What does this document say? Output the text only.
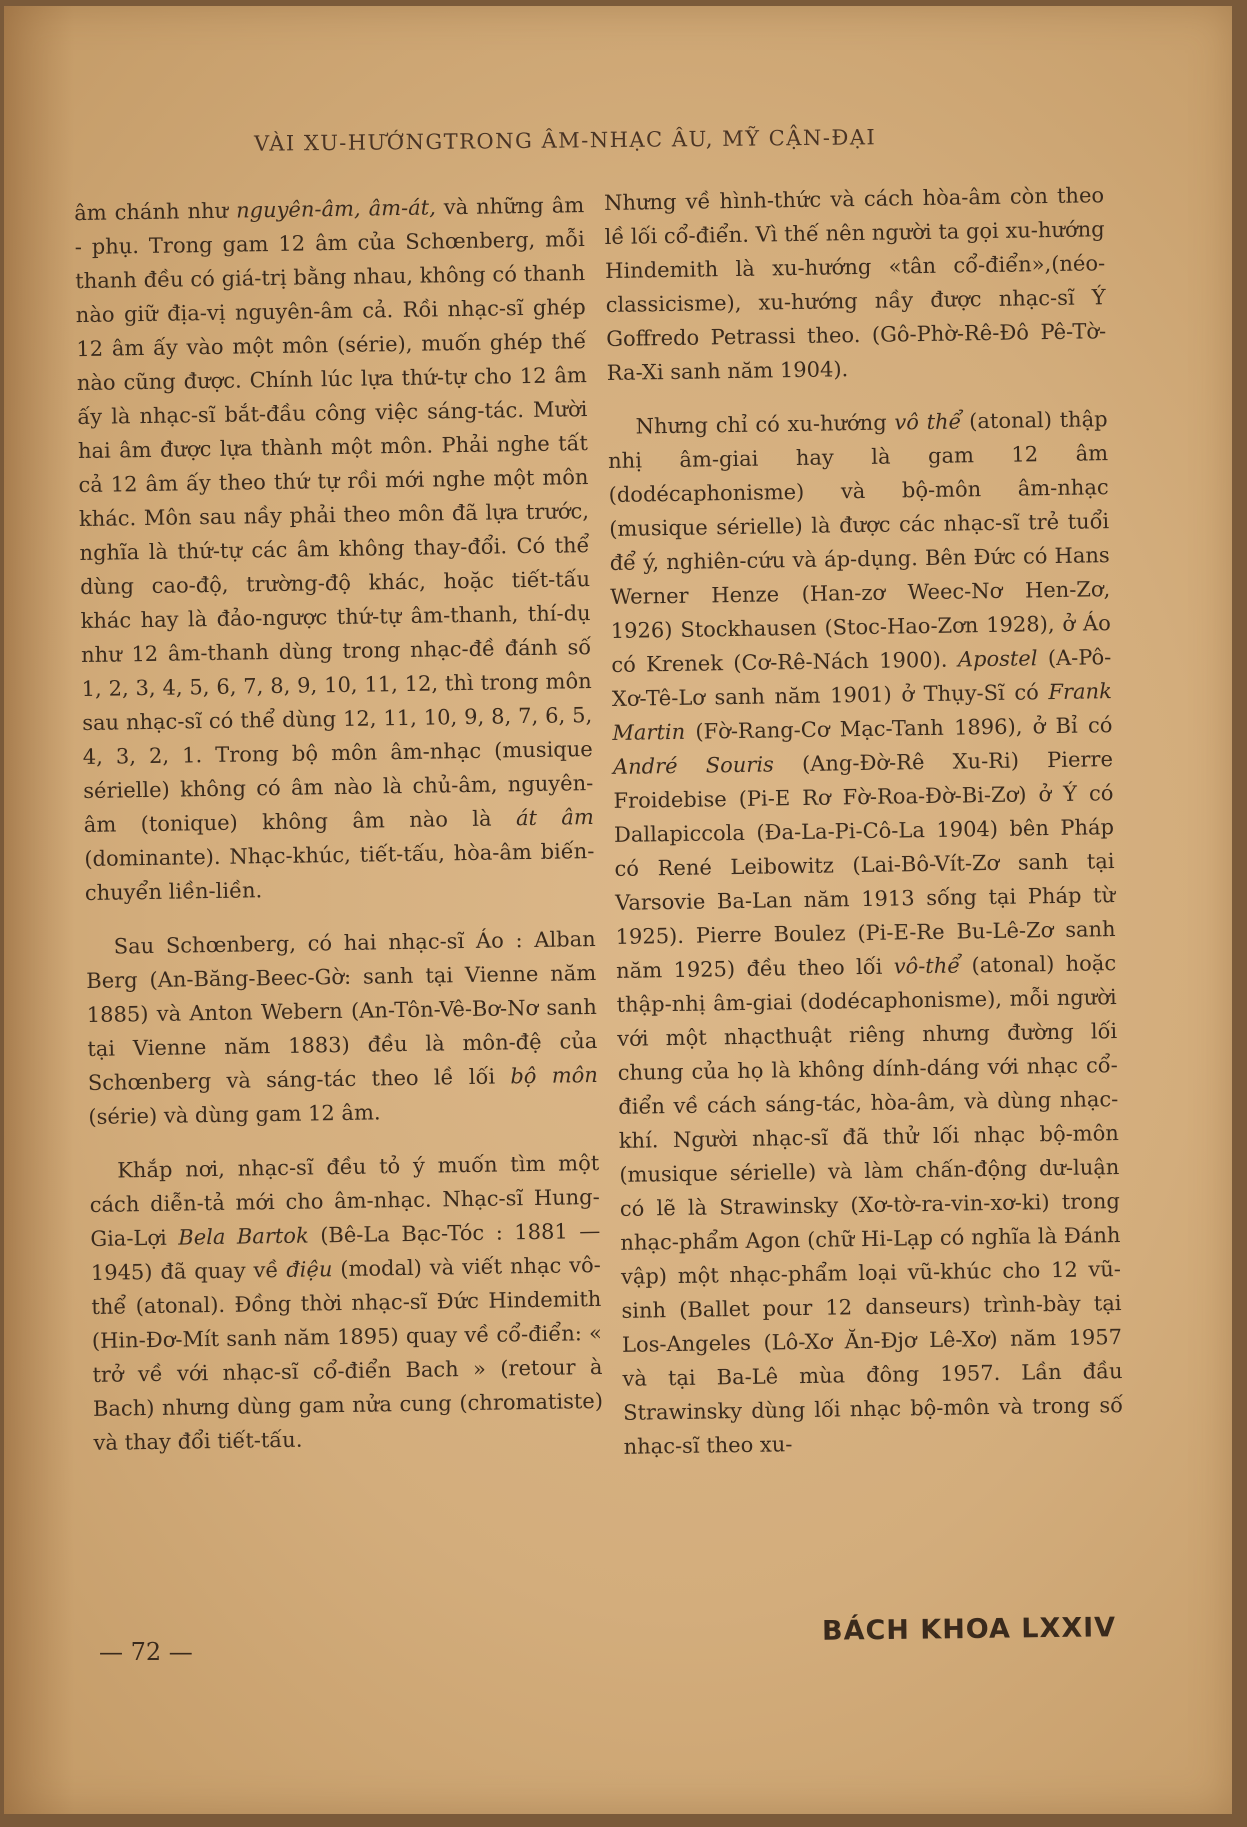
VÀI XU-HƯỚNGTRONG ÂM-NHẠC ÂU, MỸ CẬN-ĐẠI

âm chánh như nguyên-âm, âm-át, và những âm - phụ. Trong gam 12 âm của Schœnberg, mỗi thanh đều có giá-trị bằng nhau, không có thanh nào giữ địa-vị nguyên-âm cả. Rồi nhạc-sĩ ghép 12 âm ấy vào một môn (série), muốn ghép thế nào cũng được. Chính lúc lựa thứ-tự cho 12 âm ấy là nhạc-sĩ bắt-đầu công việc sáng-tác. Mười hai âm được lựa thành một môn. Phải nghe tất cả 12 âm ấy theo thứ tự rồi mới nghe một môn khác. Môn sau nầy phải theo môn đã lựa trước, nghĩa là thứ-tự các âm không thay-đổi. Có thể dùng cao-độ, trường-độ khác, hoặc tiết-tấu khác hay là đảo-ngược thứ-tự âm-thanh, thí-dụ như 12 âm-thanh dùng trong nhạc-đề đánh số 1, 2, 3, 4, 5, 6, 7, 8, 9, 10, 11, 12, thì trong môn sau nhạc-sĩ có thể dùng 12, 11, 10, 9, 8, 7, 6, 5, 4, 3, 2, 1. Trong bộ môn âm-nhạc (musique sérielle) không có âm nào là chủ-âm, nguyên-âm (tonique) không âm nào là át âm (dominante). Nhạc-khúc, tiết-tấu, hòa-âm biến-chuyển liền-liền.

Sau Schœnberg, có hai nhạc-sĩ Áo : Alban Berg (An-Băng-Beec-Gờ: sanh tại Vienne năm 1885) và Anton Webern (An-Tôn-Vê-Bơ-Nơ sanh tại Vienne năm 1883) đều là môn-đệ của Schœnberg và sáng-tác theo lề lối bộ môn (série) và dùng gam 12 âm.

Khắp nơi, nhạc-sĩ đều tỏ ý muốn tìm một cách diễn-tả mới cho âm-nhạc. Nhạc-sĩ Hung-Gia-Lợi Bela Bartok (Bê-La Bạc-Tóc : 1881 — 1945) đã quay về điệu (modal) và viết nhạc vô-thể (atonal). Đồng thời nhạc-sĩ Đức Hindemith (Hin-Đơ-Mít sanh năm 1895) quay về cổ-điển: « trở về với nhạc-sĩ cổ-điển Bach » (retour à Bach) nhưng dùng gam nửa cung (chromatiste) và thay đổi tiết-tấu.

Nhưng về hình-thức và cách hòa-âm còn theo lề lối cổ-điển. Vì thế nên người ta gọi xu-hướng Hindemith là xu-hướng «tân cổ-điển»,(néo-classicisme), xu-hướng nầy được nhạc-sĩ Ý Goffredo Petrassi theo. (Gô-Phờ-Rê-Đô Pê-Tờ-Ra-Xi sanh năm 1904).

Nhưng chỉ có xu-hướng vô thể (atonal) thập nhị âm-giai hay là gam 12 âm (dodécaphonisme) và bộ-môn âm-nhạc (musique sérielle) là được các nhạc-sĩ trẻ tuổi để ý, nghiên-cứu và áp-dụng. Bên Đức có Hans Werner Henze (Han-zơ Weec-Nơ Hen-Zơ, 1926) Stockhausen (Stoc-Hao-Zơn 1928), ở Áo có Krenek (Cơ-Rê-Nách 1900). Apostel (A-Pô-Xơ-Tê-Lơ sanh năm 1901) ở Thụy-Sĩ có Frank Martin (Fờ-Rang-Cơ Mạc-Tanh 1896), ở Bỉ có André Souris (Ang-Đờ-Rê Xu-Ri) Pierre Froidebise (Pi-E Rơ Fờ-Roa-Đờ-Bi-Zơ) ở Ý có Dallapiccola (Đa-La-Pi-Cô-La 1904) bên Pháp có René Leibowitz (Lai-Bô-Vít-Zơ sanh tại Varsovie Ba-Lan năm 1913 sống tại Pháp từ 1925). Pierre Boulez (Pi-E-Re Bu-Lê-Zơ sanh năm 1925) đều theo lối vô-thể (atonal) hoặc thập-nhị âm-giai (dodécaphonisme), mỗi người với một nhạcthuật riêng nhưng đường lối chung của họ là không dính-dáng với nhạc cổ-điển về cách sáng-tác, hòa-âm, và dùng nhạc-khí. Người nhạc-sĩ đã thử lối nhạc bộ-môn (musique sérielle) và làm chấn-động dư-luận có lẽ là Strawinsky (Xơ-tờ-ra-vin-xơ-ki) trong nhạc-phẩm Agon (chữ Hi-Lạp có nghĩa là Đánh vập) một nhạc-phẩm loại vũ-khúc cho 12 vũ-sinh (Ballet pour 12 danseurs) trình-bày tại Los-Angeles (Lô-Xơ Ăn-Đjơ Lê-Xơ) năm 1957 và tại Ba-Lê mùa đông 1957. Lần đầu Strawinsky dùng lối nhạc bộ-môn và trong số nhạc-sĩ theo xu-

— 72 —
BÁCH KHOA LXXIV
